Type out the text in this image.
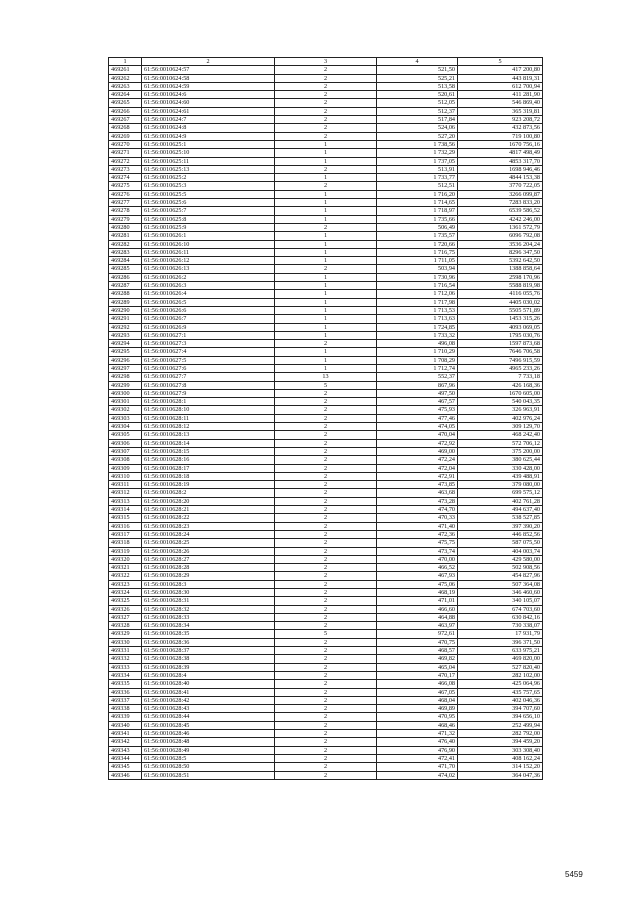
1	2	3	4	5
469261	61:56:0010624:57	2	521,50	417 200,80
469262	61:56:0010624:58	2	525,21	443 819,31
469263	61:56:0010624:59	2	513,58	612 700,94
469264	61:56:0010624:6	2	520,61	411 281,90
469265	61:56:0010624:60	2	512,05	546 869,40
469266	61:56:0010624:61	2	512,37	365 319,81
469267	61:56:0010624:7	2	517,84	923 208,72
469268	61:56:0010624:8	2	524,06	432 873,56
469269	61:56:0010624:9	2	527,20	719 100,80
469270	61:56:0010625:1	1	1 738,56	1670 756,16
469271	61:56:0010625:10	1	1 732,29	4817 498,49
469272	61:56:0010625:11	1	1 737,05	4853 317,70
469273	61:56:0010625:13	2	513,91	1698 946,46
469274	61:56:0010625:2	1	1 733,77	4844 153,38
469275	61:56:0010625:3	2	512,51	3770 722,05
469276	61:56:0010625:5	1	1 716,20	3266 099,87
469277	61:56:0010625:6	1	1 714,65	7283 833,20
469278	61:56:0010625:7	1	1 718,97	6539 586,52
469279	61:56:0010625:8	1	1 735,66	4242 246,00
469280	61:56:0010625:9	2	506,49	1361 572,79
469281	61:56:0010626:1	1	1 735,57	6096 792,08
469282	61:56:0010626:10	1	1 720,66	3536 204,24
469283	61:56:0010626:11	1	1 716,75	8296 347,50
469284	61:56:0010626:12	1	1 711,05	5392 642,50
469285	61:56:0010626:13	2	503,94	1388 858,64
469286	61:56:0010626:2	1	1 730,96	2598 170,96
469287	61:56:0010626:3	1	1 716,54	5588 819,98
469288	61:56:0010626:4	1	1 712,06	4116 055,76
469289	61:56:0010626:5	1	1 717,98	4405 030,02
469290	61:56:0010626:6	1	1 713,53	5505 571,89
469291	61:56:0010626:7	1	1 713,63	1453 315,26
469292	61:56:0010626:9	1	1 724,85	4093 069,05
469293	61:56:0010627:1	1	1 733,32	1795 030,76
469294	61:56:0010627:3	2	496,08	1597 873,68
469295	61:56:0010627:4	1	1 710,29	7646 706,58
469296	61:56:0010627:5	1	1 708,29	7496 915,59
469297	61:56:0010627:6	1	1 712,74	4965 233,26
469298	61:56:0010627:7	13	552,37	7 733,18
469299	61:56:0010627:8	5	867,96	426 168,36
469300	61:56:0010627:9	2	497,50	1670 605,00
469301	61:56:0010628:1	2	467,57	540 043,35
469302	61:56:0010628:10	2	475,93	326 963,91
469303	61:56:0010628:11	2	477,46	402 976,24
469304	61:56:0010628:12	2	474,05	309 129,70
469305	61:56:0010628:13	2	470,04	468 242,40
469306	61:56:0010628:14	2	472,92	572 706,12
469307	61:56:0010628:15	2	469,00	375 200,00
469308	61:56:0010628:16	2	472,24	380 625,44
469309	61:56:0010628:17	2	472,04	330 428,00
469310	61:56:0010628:18	2	472,91	439 488,91
469311	61:56:0010628:19	2	473,85	379 080,00
469312	61:56:0010628:2	2	463,68	699 575,12
469313	61:56:0010628:20	2	473,28	402 761,28
469314	61:56:0010628:21	2	474,70	494 637,40
469315	61:56:0010628:22	2	470,33	538 527,85
469316	61:56:0010628:23	2	471,40	397 390,20
469317	61:56:0010628:24	2	472,36	446 852,56
469318	61:56:0010628:25	2	475,75	587 075,50
469319	61:56:0010628:26	2	473,74	404 003,74
469320	61:56:0010628:27	2	470,00	429 580,00
469321	61:56:0010628:28	2	466,52	502 908,56
469322	61:56:0010628:29	2	467,93	454 827,96
469323	61:56:0010628:3	2	475,06	507 364,08
469324	61:56:0010628:30	2	468,19	346 460,60
469325	61:56:0010628:31	2	471,01	340 105,07
469326	61:56:0010628:32	2	466,60	674 703,60
469327	61:56:0010628:33	2	464,88	630 842,16
469328	61:56:0010628:34	2	463,97	730 338,07
469329	61:56:0010628:35	5	972,61	17 931,79
469330	61:56:0010628:36	2	470,75	396 371,50
469331	61:56:0010628:37	2	468,57	633 975,21
469332	61:56:0010628:38	2	469,82	469 820,00
469333	61:56:0010628:39	2	465,04	527 820,40
469334	61:56:0010628:4	2	470,17	282 102,00
469335	61:56:0010628:40	2	466,08	425 064,96
469336	61:56:0010628:41	2	467,05	435 757,65
469337	61:56:0010628:42	2	468,04	402 046,36
469338	61:56:0010628:43	2	469,89	394 707,60
469339	61:56:0010628:44	2	470,95	394 656,10
469340	61:56:0010628:45	2	468,46	252 499,94
469341	61:56:0010628:46	2	471,32	282 792,00
469342	61:56:0010628:48	2	476,40	394 459,20
469343	61:56:0010628:49	2	476,90	303 308,40
469344	61:56:0010628:5	2	472,41	408 162,24
469345	61:56:0010628:50	2	471,70	314 152,20
469346	61:56:0010628:51	2	474,02	364 047,36
5459
